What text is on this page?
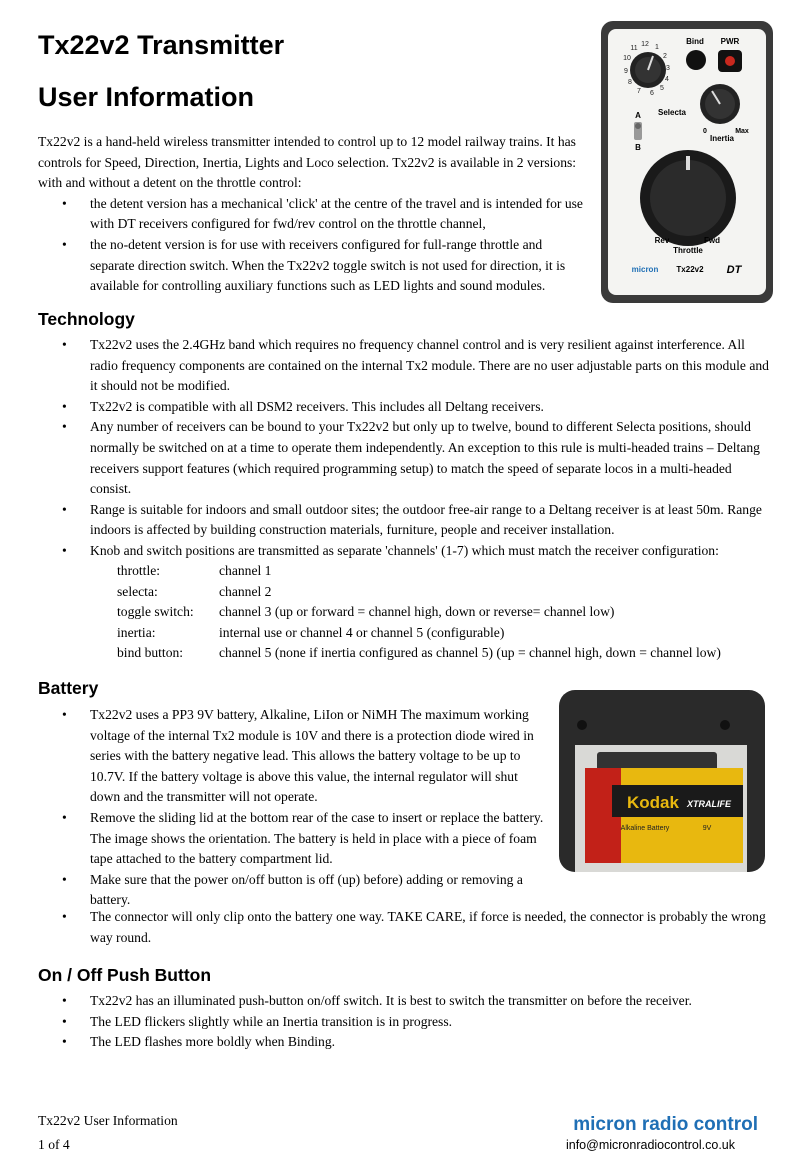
Tx22v2 Transmitter
User Information

Tx22v2 is a hand-held wireless transmitter intended to control up to 12 model railway trains. It has controls for Speed, Direction, Inertia, Lights and Loco selection. Tx22v2 is available in 2 versions: with and without a detent on the throttle control:

• the detent version has a mechanical 'click' at the centre of the travel and is intended for use with DT receivers configured for fwd/rev control on the throttle channel,
• the no-detent version is for use with receivers configured for full-range throttle and separate direction switch. When the Tx22v2 toggle switch is not used for direction, it is available for controlling auxiliary functions such as LED lights and sound modules.
3
2
1
12
11
10
9
8
7 6
5
4
Bind PWR
Selecta
A
B
0	Max
Inertia
Rev	Fwd
Throttle
micron Tx22v2 DT
Technology
• Tx22v2 uses the 2.4GHz band which requires no frequency channel control and is very resilient against interference. All radio frequency components are contained on the internal Tx2 module. There are no user adjustable parts on this module and it should not be modified.
• Tx22v2 is compatible with all DSM2 receivers. This includes all Deltang receivers.
• Any number of receivers can be bound to your Tx22v2 but only up to twelve, bound to different Selecta positions, should normally be switched on at a time to operate them independently. An exception to this rule is multi-headed trains – Deltang receivers support features (which required programming setup) to match the speed of separate locos in a multi-headed consist.
• Range is suitable for indoors and small outdoor sites; the outdoor free-air range to a Deltang receiver is at least 50m. Range indoors is affected by building construction materials, furniture, people and receiver installation.
• Knob and switch positions are transmitted as separate 'channels' (1-7) which must match the receiver configuration:
throttle:	channel 1
selecta:	channel 2
toggle switch:	channel 3 (up or forward = channel high, down or reverse= channel low)
inertia:	internal use or channel 4 or channel 5 (configurable)
bind button:	channel 5 (none if inertia configured as channel 5) (up = channel high, down = channel low)
Battery
• Tx22v2 uses a PP3 9V battery, Alkaline, LiIon or NiMH The maximum working voltage of the internal Tx2 module is 10V and there is a protection diode wired in series with the battery negative lead. This allows the battery voltage to be up to 10.7V. If the battery voltage is above this value, the internal regulator will shut down and the transmitter will not operate.
• Remove the sliding lid at the bottom rear of the case to insert or replace the battery. The image shows the orientation. The battery is held in place with a piece of foam tape attached to the battery compartment lid.
• Make sure that the power on/off button is off (up) before) adding or removing a battery.
• The connector will only clip onto the battery one way. TAKE CARE, if force is needed, the connector is probably the wrong way round.
Kodak XTRALIFE
Alkaline Battery	9V
On / Off Push Button
• Tx22v2 has an illuminated push-button on/off switch. It is best to switch the transmitter on before the receiver.
• The LED flickers slightly while an Inertia transition is in progress.
• The LED flashes more boldly when Binding.
Tx22v2 User Information
1 of 4
micron radio control
info@micronradiocontrol.co.uk
